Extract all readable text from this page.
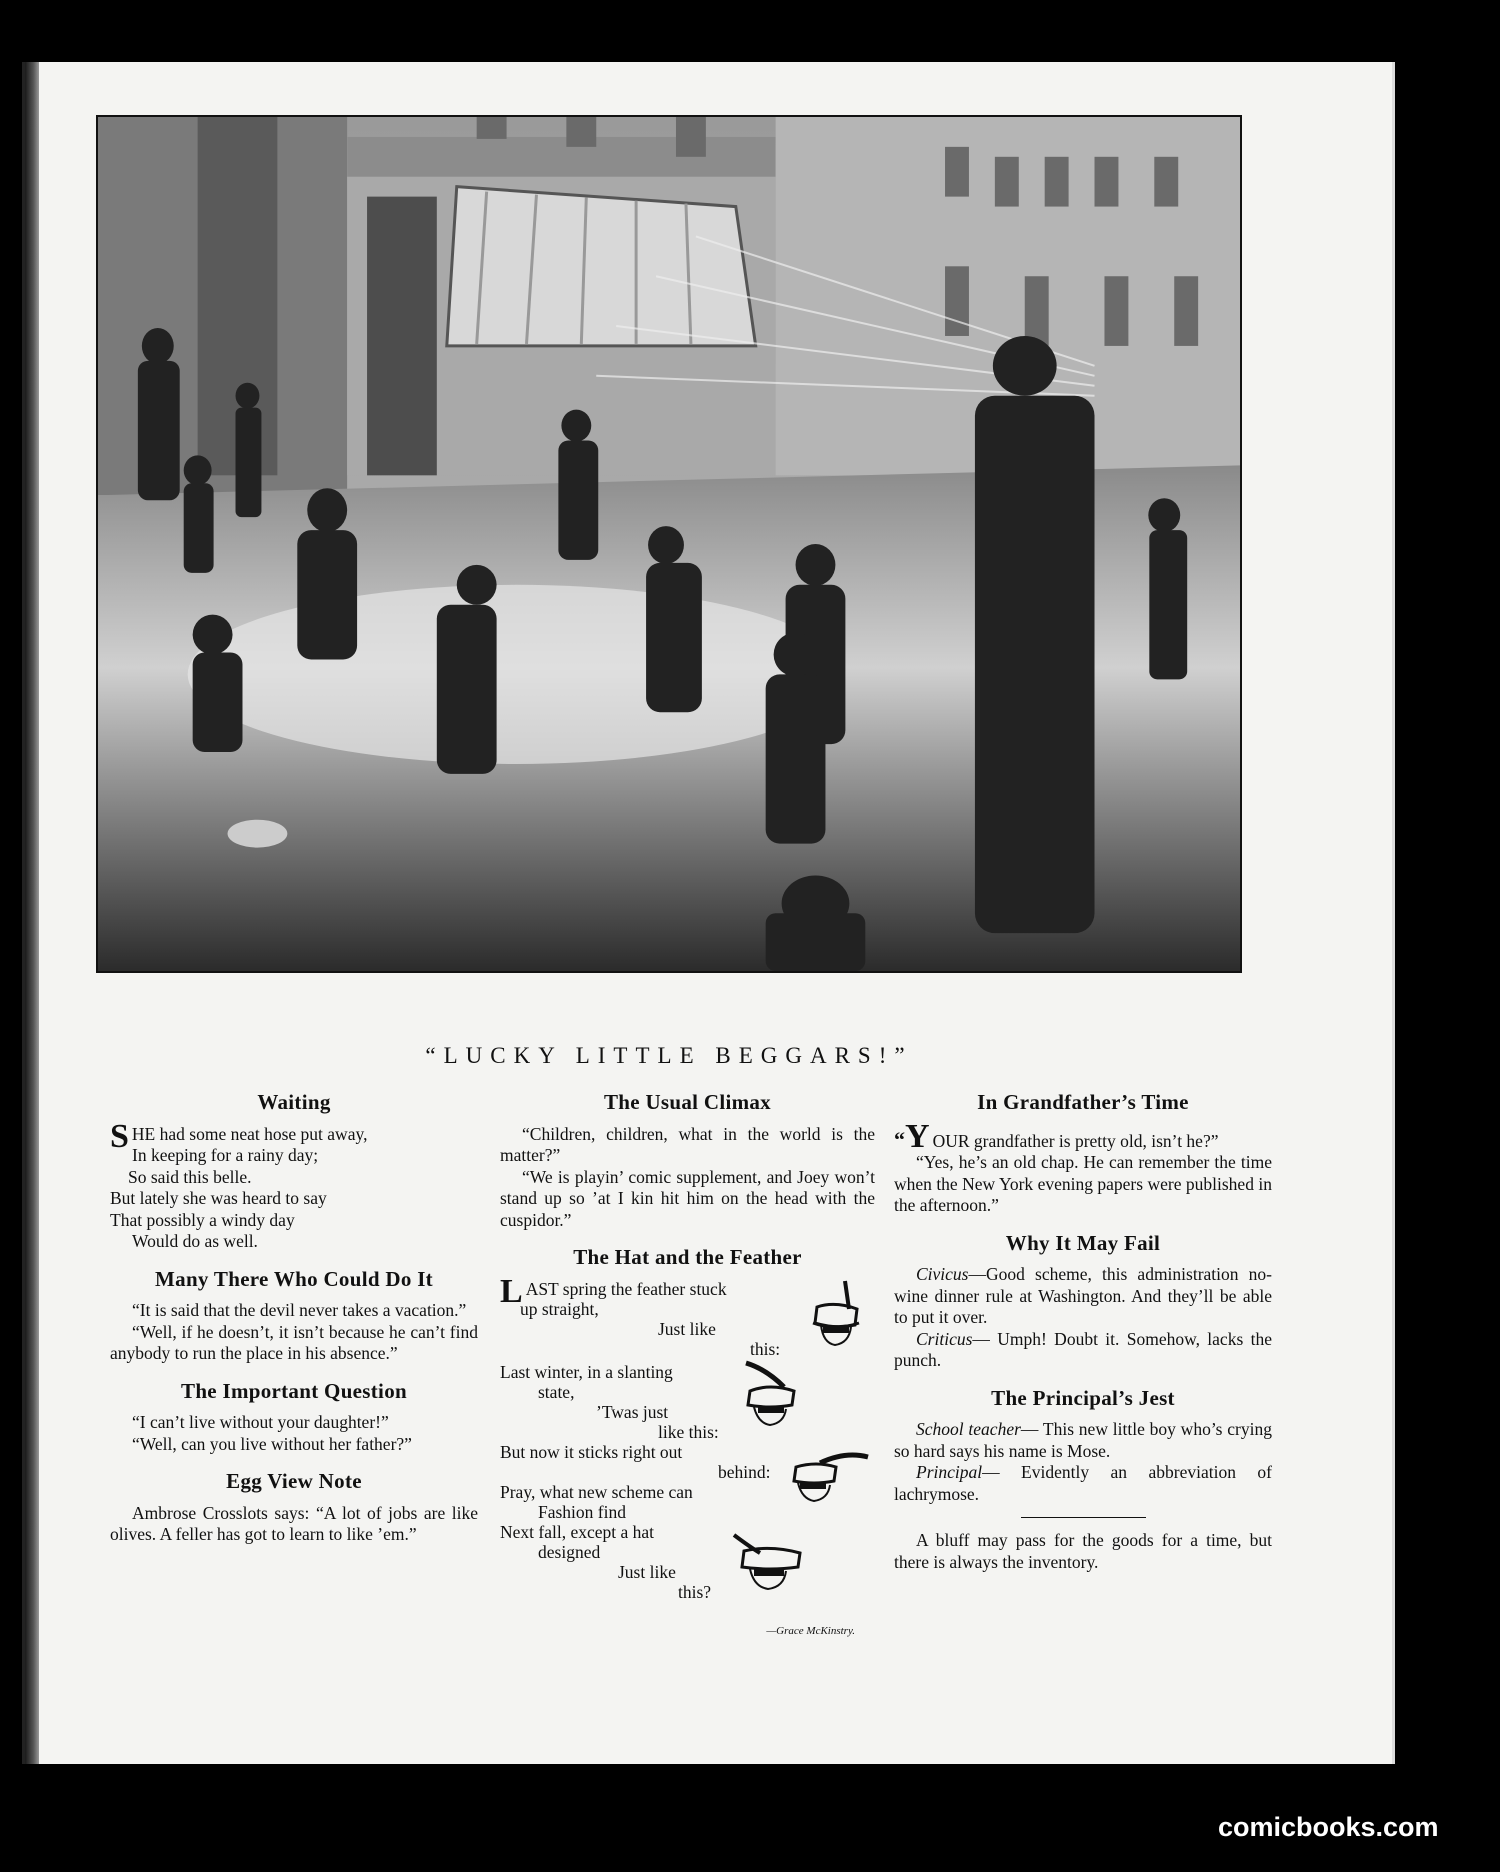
“LUCKY LITTLE BEGGARS!”
Waiting
SHE had some neat hose put away,
In keeping for a rainy day;
So said this belle.
But lately she was heard to say
That possibly a windy day
Would do as well.
Many There Who Could Do It

“It is said that the devil never takes a vacation.”

“Well, if he doesn’t, it isn’t because he can’t find anybody to run the place in his absence.”

The Important Question

“I can’t live without your daughter!”

“Well, can you live without her father?”

Egg View Note

Ambrose Crosslots says: “A lot of jobs are like olives. A feller has got to learn to like ’em.”

The Usual Climax

“Children, children, what in the world is the matter?”

“We is playin’ comic supplement, and Joey won’t stand up so ’at I kin hit him on the head with the cuspidor.”

The Hat and the Feather
LAST spring the feather stuck
up straight,
Just like
this:
Last winter, in a slanting
state,
’Twas just
like this:
But now it sticks right out
behind:
Pray, what new scheme can
Fashion find
Next fall, except a hat
designed
Just like
this?
—Grace McKinstry.
In Grandfather’s Time

“Y OUR grandfather is pretty old, isn’t he?”

“Yes, he’s an old chap. He can remember the time when the New York evening papers were published in the afternoon.”

Why It May Fail

Civicus—Good scheme, this administration no-wine dinner rule at Washington. And they’ll be able to put it over.

Criticus— Umph! Doubt it. Somehow, lacks the punch.

The Principal’s Jest

School teacher— This new little boy who’s crying so hard says his name is Mose.

Principal— Evidently an abbreviation of lachrymose.

A bluff may pass for the goods for a time, but there is always the inventory.

comicbooks.com
